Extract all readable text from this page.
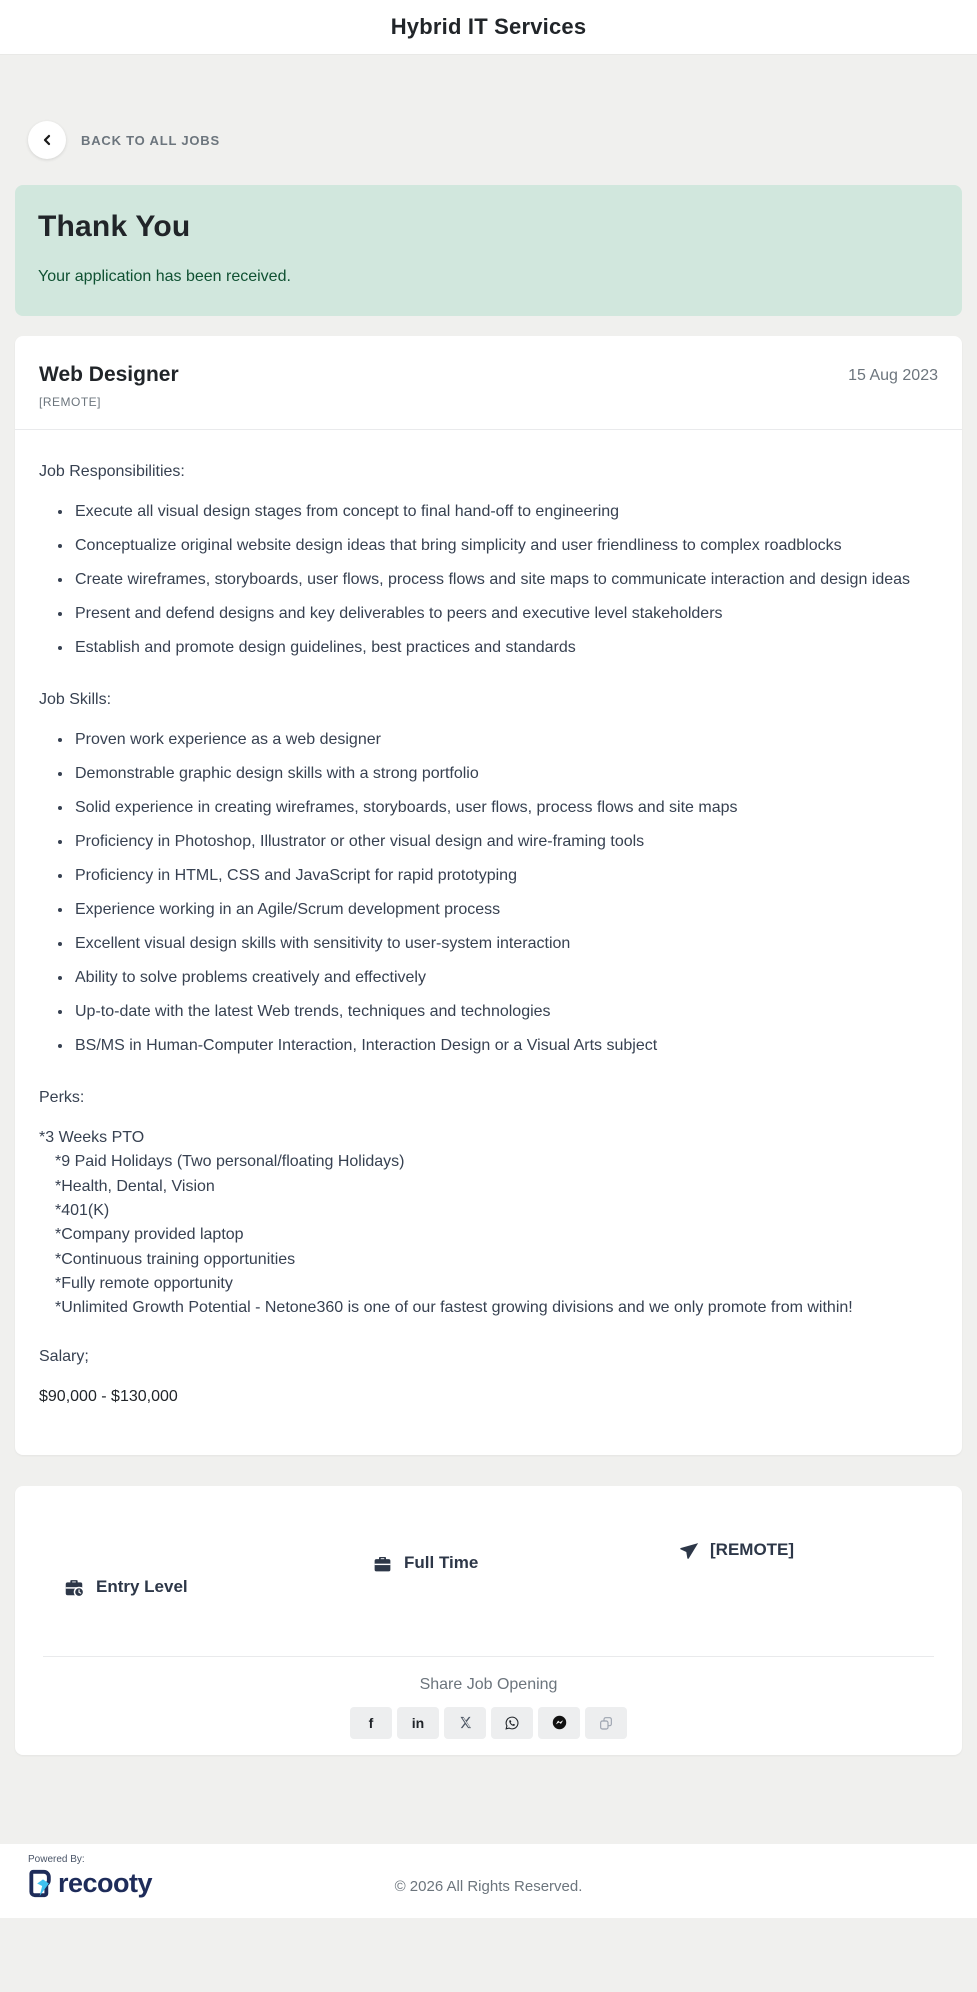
Hybrid IT Services
BACK TO ALL JOBS
Thank You

Your application has been received.

Web Designer
[REMOTE]
15 Aug 2023

Job Responsibilities:

• Execute all visual design stages from concept to final hand-off to engineering
• Conceptualize original website design ideas that bring simplicity and user friendliness to complex roadblocks
• Create wireframes, storyboards, user flows, process flows and site maps to communicate interaction and design ideas
• Present and defend designs and key deliverables to peers and executive level stakeholders
• Establish and promote design guidelines, best practices and standards

Job Skills:

• Proven work experience as a web designer
• Demonstrable graphic design skills with a strong portfolio
• Solid experience in creating wireframes, storyboards, user flows, process flows and site maps
• Proficiency in Photoshop, Illustrator or other visual design and wire-framing tools
• Proficiency in HTML, CSS and JavaScript for rapid prototyping
• Experience working in an Agile/Scrum development process
• Excellent visual design skills with sensitivity to user-system interaction
• Ability to solve problems creatively and effectively
• Up-to-date with the latest Web trends, techniques and technologies
• BS/MS in Human-Computer Interaction, Interaction Design or a Visual Arts subject

Perks:

*3 Weeks PTO
*9 Paid Holidays (Two personal/floating Holidays)
*Health, Dental, Vision
*401(K)
*Company provided laptop
*Continuous training opportunities
*Fully remote opportunity
*Unlimited Growth Potential - Netone360 is one of our fastest growing divisions and we only promote from within!

Salary;

$90,000 - $130,000

Entry Level
Full Time
[REMOTE]
Share Job Opening
f	in
Powered By:
recooty	© 2026 All Rights Reserved.
